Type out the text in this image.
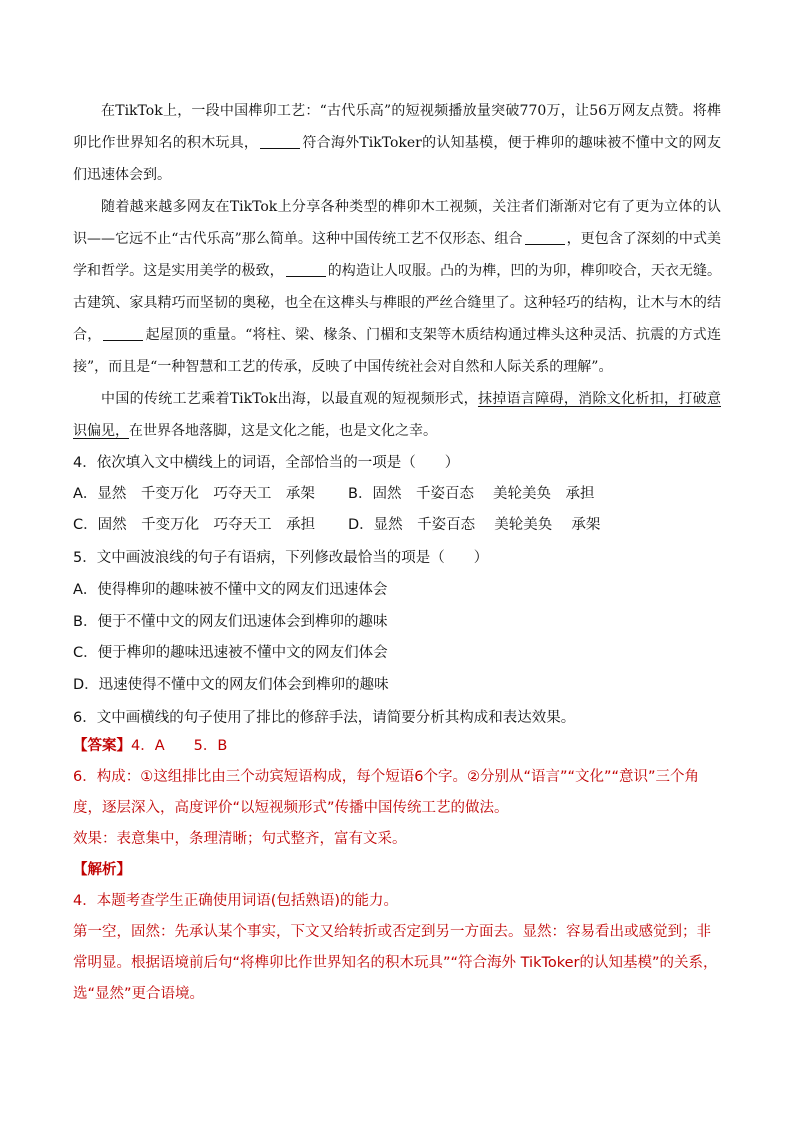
在TikTok上，一段中国榫卯工艺：“古代乐高”的短视频播放量突破770万，让56万网友点赞。将榫卯比作世界知名的积木玩具，	符合海外TikToker的认知基模，便于榫卯的趣味被不懂中文的网友们迅速体会到。

随着越来越多网友在TikTok上分享各种类型的榫卯木工视频，关注者们渐渐对它有了更为立体的认识——它远不止“古代乐高”那么简单。这种中国传统工艺不仅形态、组合	，更包含了深刻的中式美学和哲学。这是实用美学的极致，	的构造让人叹服。凸的为榫，凹的为卯，榫卯咬合，天衣无缝。古建筑、家具精巧而坚韧的奥秘，也全在这榫头与榫眼的严丝合缝里了。这种轻巧的结构，让木与木的结合，	起屋顶的重量。“将柱、梁、椽条、门楣和支架等木质结构通过榫头这种灵活、抗震的方式连接”，而且是“一种智慧和工艺的传承，反映了中国传统社会对自然和人际关系的理解”。

中国的传统工艺乘着TikTok出海，以最直观的短视频形式，抹掉语言障碍，消除文化析扣，打破意识偏见，在世界各地落脚，这是文化之能，也是文化之幸。

4．依次填入文中横线上的词语，全部恰当的一项是（　　）
A．显然　千变万化　巧夺天工　承架 B．固然　千姿百态　 美轮美奂　承担
C．固然　千变万化　巧夺天工　承担 D．显然　千姿百态　 美轮美奂　 承架
5．文中画波浪线的句子有语病，下列修改最恰当的项是（　　）
A．使得榫卯的趣味被不懂中文的网友们迅速体会
B．便于不懂中文的网友们迅速体会到榫卯的趣味
C．便于榫卯的趣味迅速被不懂中文的网友们体会
D．迅速使得不懂中文的网友们体会到榫卯的趣味
6．文中画横线的句子使用了排比的修辞手法，请简要分析其构成和表达效果。
【答案】4．A　　5．B
6．构成：①这组排比由三个动宾短语构成，每个短语6个字。②分别从“语言”“文化”“意识”三个角度，逐层深入，高度评价“以短视频形式”传播中国传统工艺的做法。
效果：表意集中，条理清晰；句式整齐，富有文采。
【解析】
4．本题考查学生正确使用词语(包括熟语)的能力。
第一空，固然：先承认某个事实，下文又给转折或否定到另一方面去。显然：容易看出或感觉到；非常明显。根据语境前后句“将榫卯比作世界知名的积木玩具”“符合海外 TikToker的认知基模”的关系，选“显然”更合语境。
